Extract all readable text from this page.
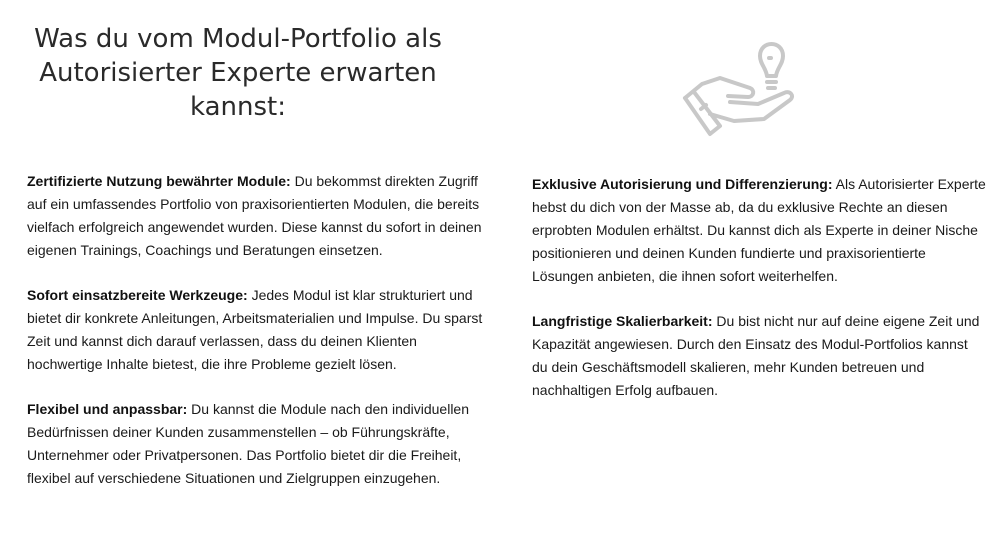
Was du vom Modul-Portfolio als Autorisierter Experte erwarten kannst:

Zertifizierte Nutzung bewährter Module: Du bekommst direkten Zugriff auf ein umfassendes Portfolio von praxisorientierten Modulen, die bereits vielfach erfolgreich angewendet wurden. Diese kannst du sofort in deinen eigenen Trainings, Coachings und Beratungen einsetzen.

Sofort einsatzbereite Werkzeuge: Jedes Modul ist klar strukturiert und bietet dir konkrete Anleitungen, Arbeitsmaterialien und Impulse. Du sparst Zeit und kannst dich darauf verlassen, dass du deinen Klienten hochwertige Inhalte bietest, die ihre Probleme gezielt lösen.

Flexibel und anpassbar: Du kannst die Module nach den individuellen Bedürfnissen deiner Kunden zusammenstellen – ob Führungskräfte, Unternehmer oder Privatpersonen. Das Portfolio bietet dir die Freiheit, flexibel auf verschiedene Situationen und Zielgruppen einzugehen.

Exklusive Autorisierung und Differenzierung: Als Autorisierter Experte hebst du dich von der Masse ab, da du exklusive Rechte an diesen erprobten Modulen erhältst. Du kannst dich als Experte in deiner Nische positionieren und deinen Kunden fundierte und praxisorientierte Lösungen anbieten, die ihnen sofort weiterhelfen.

Langfristige Skalierbarkeit: Du bist nicht nur auf deine eigene Zeit und Kapazität angewiesen. Durch den Einsatz des Modul-Portfolios kannst du dein Geschäftsmodell skalieren, mehr Kunden betreuen und nachhaltigen Erfolg aufbauen.
